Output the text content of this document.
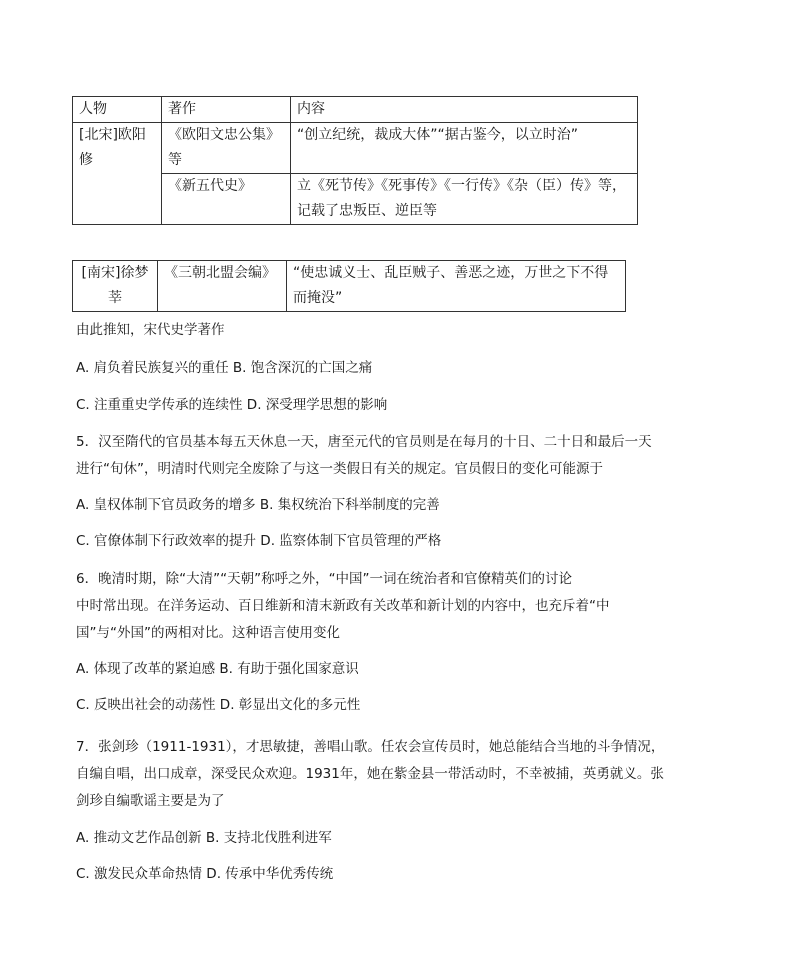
人物	著作	内容
[北宋]欧阳修	《欧阳文忠公集》等	“创立纪统，裁成大体”“据古鉴今，以立时治”
	《新五代史》	立《死节传》《死事传》《一行传》《杂（臣）传》等，记载了忠叛臣、逆臣等
[南宋]徐梦莘	《三朝北盟会编》	“使忠诚义士、乱臣贼子、善恶之迹，万世之下不得而掩没”
由此推知，宋代史学著作
A. 肩负着民族复兴的重任 B. 饱含深沉的亡国之痛
C. 注重重史学传承的连续性 D. 深受理学思想的影响
5．汉至隋代的官员基本每五天休息一天，唐至元代的官员则是在每月的十日、二十日和最后一天
进行“旬休”，明清时代则完全废除了与这一类假日有关的规定。官员假日的变化可能源于
A. 皇权体制下官员政务的增多 B. 集权统治下科举制度的完善
C. 官僚体制下行政效率的提升 D. 监察体制下官员管理的严格
6．晚清时期，除“大清”“天朝”称呼之外，“中国”一词在统治者和官僚精英们的讨论
中时常出现。在洋务运动、百日维新和清末新政有关改革和新计划的内容中，也充斥着“中
国”与“外国”的两相对比。这种语言使用变化
A. 体现了改革的紧迫感 B. 有助于强化国家意识
C. 反映出社会的动荡性 D. 彰显出文化的多元性
7．张剑珍（1911-1931），才思敏捷，善唱山歌。任农会宣传员时，她总能结合当地的斗争情况，
自编自唱，出口成章，深受民众欢迎。1931年，她在紫金县一带活动时，不幸被捕，英勇就义。张
剑珍自编歌谣主要是为了
A. 推动文艺作品创新 B. 支持北伐胜利进军
C. 激发民众革命热情 D. 传承中华优秀传统
